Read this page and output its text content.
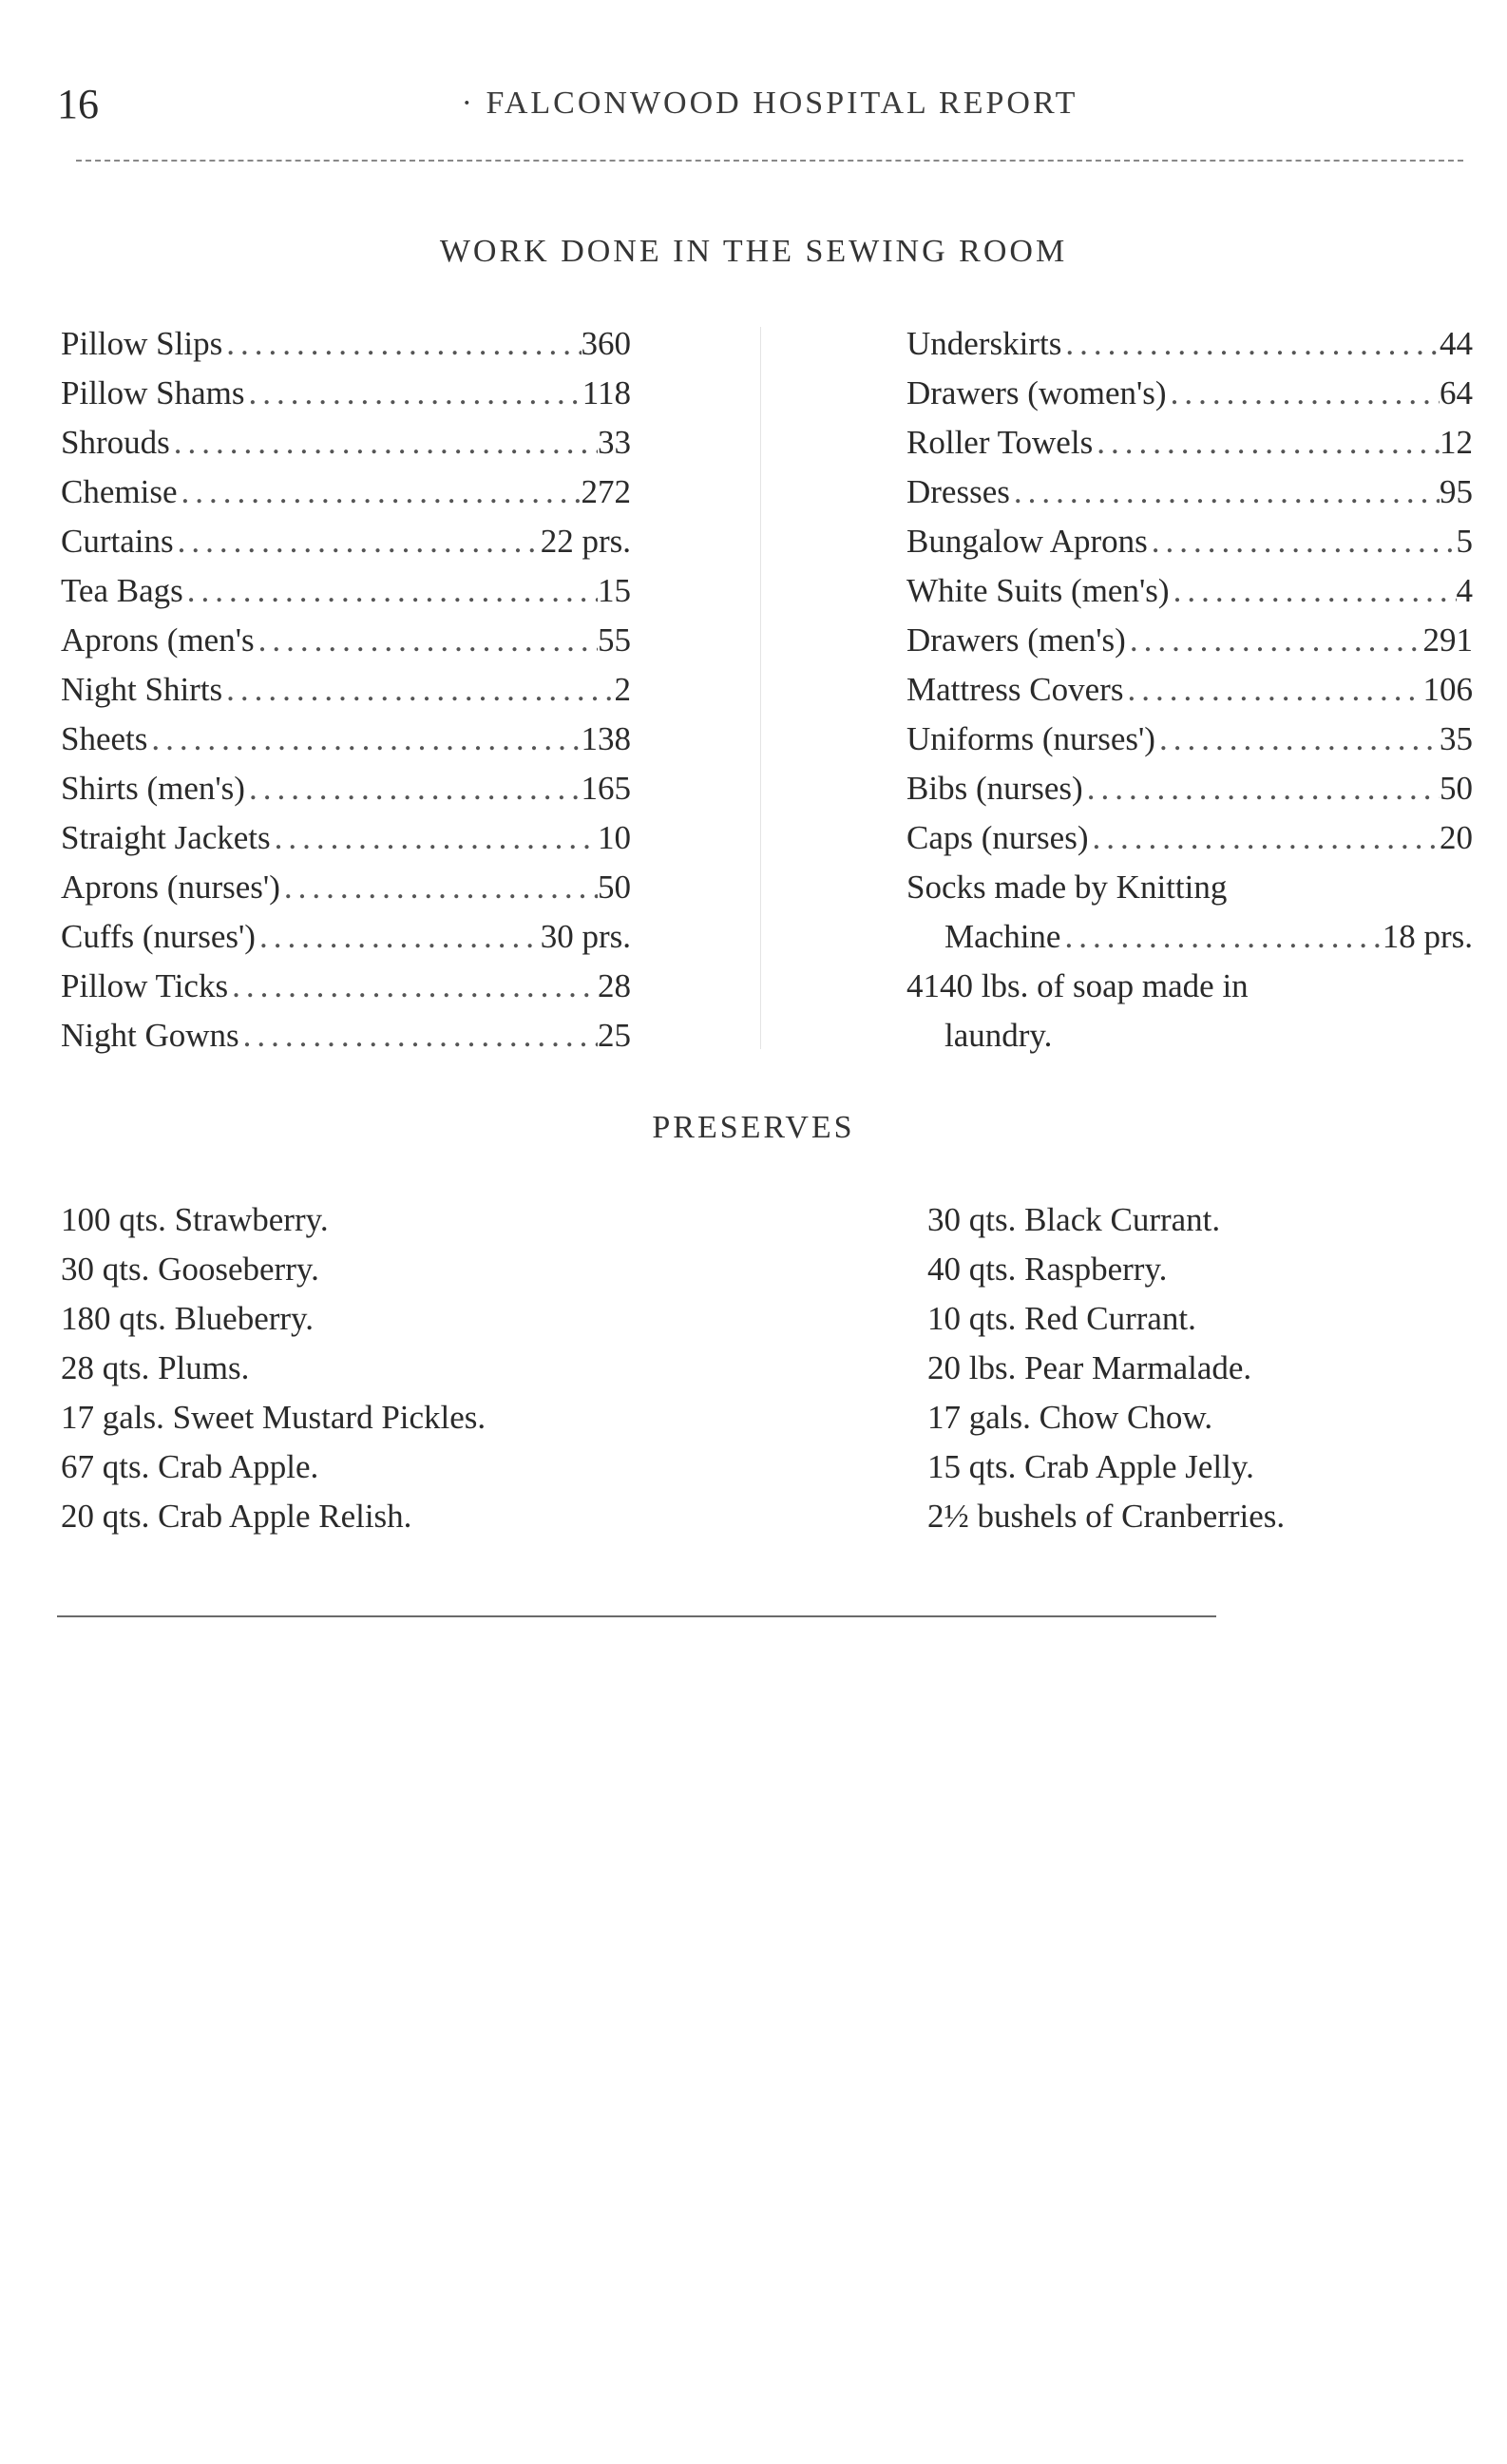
16	· FALCONWOOD HOSPITAL REPORT
WORK DONE IN THE SEWING ROOM
Pillow Slips .....	360
Pillow Shams .....	118
Shrouds .....	33
Chemise .....	272
Curtains .....	22 prs.
Tea Bags .....	15
Aprons (men's .....	55
Night Shirts .....	2
Sheets .....	138
Shirts (men's) .....	165
Straight Jackets .....	10
Aprons (nurses') .....	50
Cuffs (nurses') .....	30 prs.
Pillow Ticks .....	28
Night Gowns .....	25
Underskirts .....	44
Drawers (women's) .....	64
Roller Towels .....	12
Dresses .....	95
Bungalow Aprons .....	5
White Suits (men's) .....	4
Drawers (men's) .....	291
Mattress Covers .....	106
Uniforms (nurses') .....	35
Bibs (nurses) .....	50
Caps (nurses) .....	20
Socks made by Knitting
Machine .....	18 prs.
4140 lbs. of soap made in
laundry.
PRESERVES
100 qts. Strawberry.
30 qts. Gooseberry.
180 qts. Blueberry.
28 qts. Plums.
17 gals. Sweet Mustard Pickles.
67 qts. Crab Apple.
20 qts. Crab Apple Relish.
30 qts. Black Currant.
40 qts. Raspberry.
10 qts. Red Currant.
20 lbs. Pear Marmalade.
17 gals. Chow Chow.
15 qts. Crab Apple Jelly.
2½ bushels of Cranberries.
